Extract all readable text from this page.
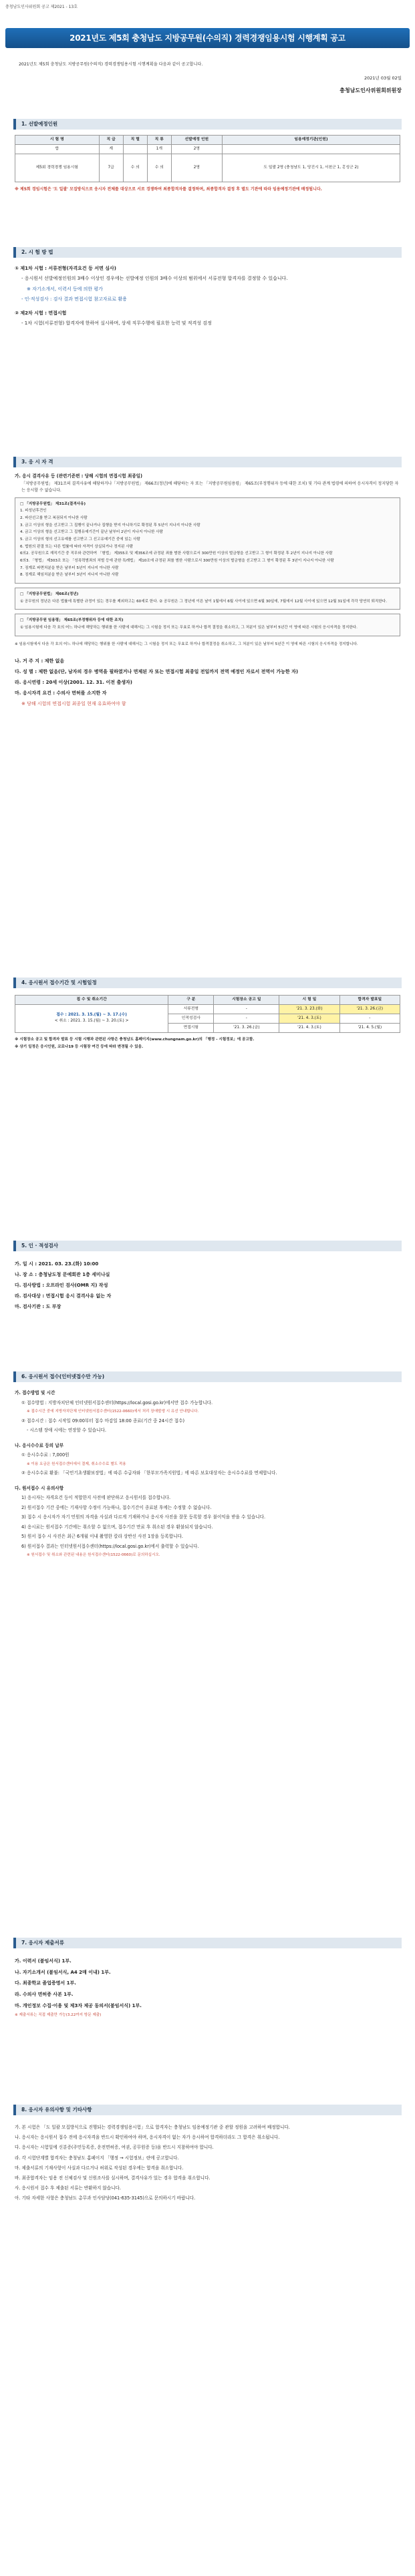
충청남도인사위원회 공고 제2021 - 13호
2021년도 제5회 충청남도 지방공무원(수의직) 경력경쟁임용시험 시행계획 공고
2021년도 제5회 충청남도 지방공무원(수의직) 경력경쟁임용시험 시행계획을 다음과 같이 공고합니다.
2021년 03월 02일
충청남도인사위원회위원장
1. 선발예정인원
시 험 명	직 급	직 렬	직 류	선발예정 인원	임용예정기관(인원)
합	계		1개	2명	
제5회 경력경쟁 임용시험	7급	수 의	수 의	2명	도 일괄 2명 (충청남도 1, 당진시 1, 서천군 1, 홍성군 2)

※ 제5회 경임시험은 '도 일괄' 모집방식으로 응시자 전체를 대상으로 서로 경쟁하여 최종합격자를 결정하며, 최종합격자 결정 후 별도 기관에 따라 임용예정기관에 배정됩니다.

2. 시 험 방 법

① 제1차 시험 : 서류전형(자격요건 등 서면 심사)

- 응시원서 선발예정인원의 3배수 이상인 경우에는 선발예정 인원의 3배수 이상의 범위에서 서류전형 합격자를 결정할 수 있습니다.

※ 자기소개서, 이력서 등에 의한 평가

- 인·적성검사 : 검사 결과 면접시험 참고자료로 활용

② 제2차 시험 : 면접시험

- 1차 시험(서류전형) 합격자에 한하여 실시하며, 상세 직무수행에 필요한 능력 및 적격성 검정

3. 응 시 자 격

가. 응시 결격사유 등 (관련기준편 : 당해 시험의 면접시험 최종일)

「지방공무원법」 제31조의 결격사유에 해당하거나「지방공무원법」 제66조(정년)에 해당하는 자 또는 「지방공무원임용령」 제65조(부정행위자 등에 대한 조치) 및 기타 관계 법령에 의하여 응시자격이 정지당한 자는 응시할 수 없습니다.

□ 「지방공무원법」 제31조(결격사유)

1. 피성년후견인

2. 파산선고를 받고 복권되지 아니한 사람

3. 금고 이상의 형을 선고받고 그 집행이 끝나거나 집행을 받지 아니하기로 확정된 후 5년이 지나지 아니한 사람

4. 금고 이상의 형을 선고받고 그 집행유예기간이 끝난 날부터 2년이 지나지 아니한 사람

5. 금고 이상의 형의 선고유예를 선고받고 그 선고유예기간 중에 있는 사람

6. 법원의 판결 또는 다른 법률에 따라 자격이 상실되거나 정지된 사람

6의2. 공무원으로 재직기간 중 직무와 관련하여 「형법」 제355조 및 제356조에 규정된 죄를 범한 사람으로서 300만원 이상의 벌금형을 선고받고 그 형이 확정된 후 2년이 지나지 아니한 사람

6의3. 「형법」 제303조 또는 「성폭력범죄의 처벌 등에 관한 특례법」 제10조에 규정된 죄를 범한 사람으로서 300만원 이상의 벌금형을 선고받고 그 형이 확정된 후 3년이 지나지 아니한 사람

7. 징계로 파면처분을 받은 날부터 5년이 지나지 아니한 사람

8. 징계로 해임처분을 받은 날부터 3년이 지나지 아니한 사람

□ 「지방공무원법」 제66조(정년)

① 공무원의 정년은 다른 법률에 특별한 규정이 있는 경우를 제외하고는 60세로 한다. ② 공무원은 그 정년에 이른 날이 1월에서 6월 사이에 있으면 6월 30일에, 7월에서 12월 사이에 있으면 12월 31일에 각각 당연히 퇴직한다.

□ 「지방공무원 임용령」 제65조(부정행위자 등에 대한 조치)

① 임용시험에 다음 각 호의 어느 하나에 해당하는 행위를 한 사람에 대해서는 그 시험을 정지 또는 무효로 하거나 합격 결정을 취소하고, 그 처분이 있은 날부터 5년간 이 영에 따른 시험의 응시자격을 정지한다.

※ 임용시험에서 다음 각 호의 어느 하나에 해당하는 행위를 한 사람에 대해서는 그 시험을 정지 또는 무효로 하거나 합격결정을 취소하고, 그 처분이 있은 날부터 5년간 이 영에 따른 시험의 응시자격을 정지합니다.

나. 거 주 지 : 제한 없음

다. 성 별 : 제한 없음(단, 남자의 경우 병역을 필하였거나 면제된 자 또는 면접시험 최종일 전일까지 전역 예정인 자로서 전역이 가능한 자)

라. 응시연령 : 20세 이상(2001. 12. 31. 이전 출생자)

마. 응시자격 요건 : 수의사 면허를 소지한 자

※ 당해 시험의 면접시험 최종일 현재 유효하여야 함

4. 응시원서 접수기간 및 시험일정
접 수 및 취소기간	구 분	시험장소 공고 일	시 험 일	합격자 발표일

접수 : 2021. 3. 15.(월) ~ 3. 17.(수)
< 취소 : 2021. 3. 15.(월) ~ 3. 20.(토) >	서류전형	-	'21. 3. 23.(화)	'21. 3. 26.(금)
	인적성검사	-	'21. 4. 3.(토)	-
	면접시험	'21. 3. 26.(금)	'21. 4. 3.(토)	'21. 4. 5.(월)

※ 시험장소 공고 및 합격자 발표 등 시험 시행과 관련된 사항은 충청남도 홈페이지(www.chungnam.go.kr)의 「행정 - 시험정보」에 공고함.

※ 상기 일정은 응시인원, 코로나19 등 시험장 여건 등에 따라 변경될 수 있음.

5. 인 · 적성검사

가. 일 시 : 2021. 03. 23.(화) 10:00

나. 장 소 : 충청남도청 문예회관 1층 세미나실

다. 검사방법 : 오프라인 검사(OMR 지) 작성

라. 검사대상 : 면접시험 응시 결격사유 없는 자

마. 검사기관 : 도 부장

6. 응시원서 접수(인터넷접수만 가능)

가. 접수방법 및 시간

① 접수방법 : 지방자치단체 인터넷원서접수센터(https://local.gosi.go.kr)에서만 접수 가능합니다.

※ 접수시간 중에 지방자치단체 인터넷원서접수센터(1522-0660)에서 처리 장애발생 시 유선 안내합니다.

② 접수시간 : 접수 시작일 09:00부터 접수 마감일 18:00 종료(기간 중 24시간 접수)

- 시스템 장애 시에는 연장할 수 있습니다.

나. 응시수수료 등의 납부

① 응시수수료 : 7,000원

※ 이용 요금은 원서접수센터에서 결제, 취소수수료 별도 적용

② 응시수수료 환불: 「국민기초생활보장법」에 따른 수급자와 「한부모가족지원법」에 따른 보호대상자는 응시수수료를 면제합니다.

다. 원서접수 시 유의사항

1) 응시자는 자격요건 등이 적합한지 사전에 판단하고 응시원서를 접수합니다.

2) 원서접수 기간 중에는 기재사항 수정이 가능하나, 접수기간이 종료된 후에는 수정할 수 없습니다.

3) 접수 시 응시자가 자기 민원의 자격을 사실과 다르게 기재하거나 응시자 사진을 잘못 등록할 경우 불이익을 받을 수 있습니다.

4) 응시료는 원서접수 기간에는 취소할 수 없으며, 접수기간 만료 후 취소된 경우 환불되지 않습니다.

5) 원서 접수 시 사진은 최근 6개월 이내 촬영한 칼라 상반신 사진 1장을 등록합니다.

6) 원서접수 결과는 인터넷원서접수센터(https://local.gosi.go.kr)에서 출력할 수 있습니다.

※ 원서접수 및 취소와 관련된 내용은 원서접수센터(1522-0660)로 문의하십시오.

7. 응시자 제출서류

가. 이력서 (붙임서식) 1부.

나. 자기소개서 (붙임서식, A4 2매 이내) 1부.

다. 최종학교 졸업증명서 1부.

라. 수의사 면허증 사본 1부.

마. 개인정보 수집·이용 및 제3자 제공 동의서(붙임서식) 1부.

※ 제출서류는 직접 제출만 가능(3.22까지 방문 제출)

8. 응시자 유의사항 및 기타사항

가. 본 시험은 「도 일괄 모집방식으로 진행되는 경력경쟁임용시험」으로 합격자는 충청남도 임용예정기관 중 관할 정원을 고려하여 배정합니다.

나. 응시자는 응시원서 접수 전에 응시자격을 반드시 확인하여야 하며, 응시자격이 없는 자가 응시하여 합격하더라도 그 합격은 취소됩니다.

다. 응시자는 시험일에 신분증(주민등록증, 운전면허증, 여권, 공무원증 등)을 반드시 지참하여야 합니다.

라. 각 시험단계별 합격자는 충청남도 홈페이지 「행정 → 시험정보」란에 공고합니다.

마. 제출서류의 기재사항이 사실과 다르거나 허위로 작성된 경우에는 합격을 취소합니다.

바. 최종합격자는 임용 전 신체검사 및 신원조사를 실시하며, 결격사유가 있는 경우 합격을 취소합니다.

사. 응시원서 접수 후 제출된 서류는 반환하지 않습니다.

아. 기타 자세한 사항은 충청남도 총무과 인사담당(041-635-3145)으로 문의하시기 바랍니다.
